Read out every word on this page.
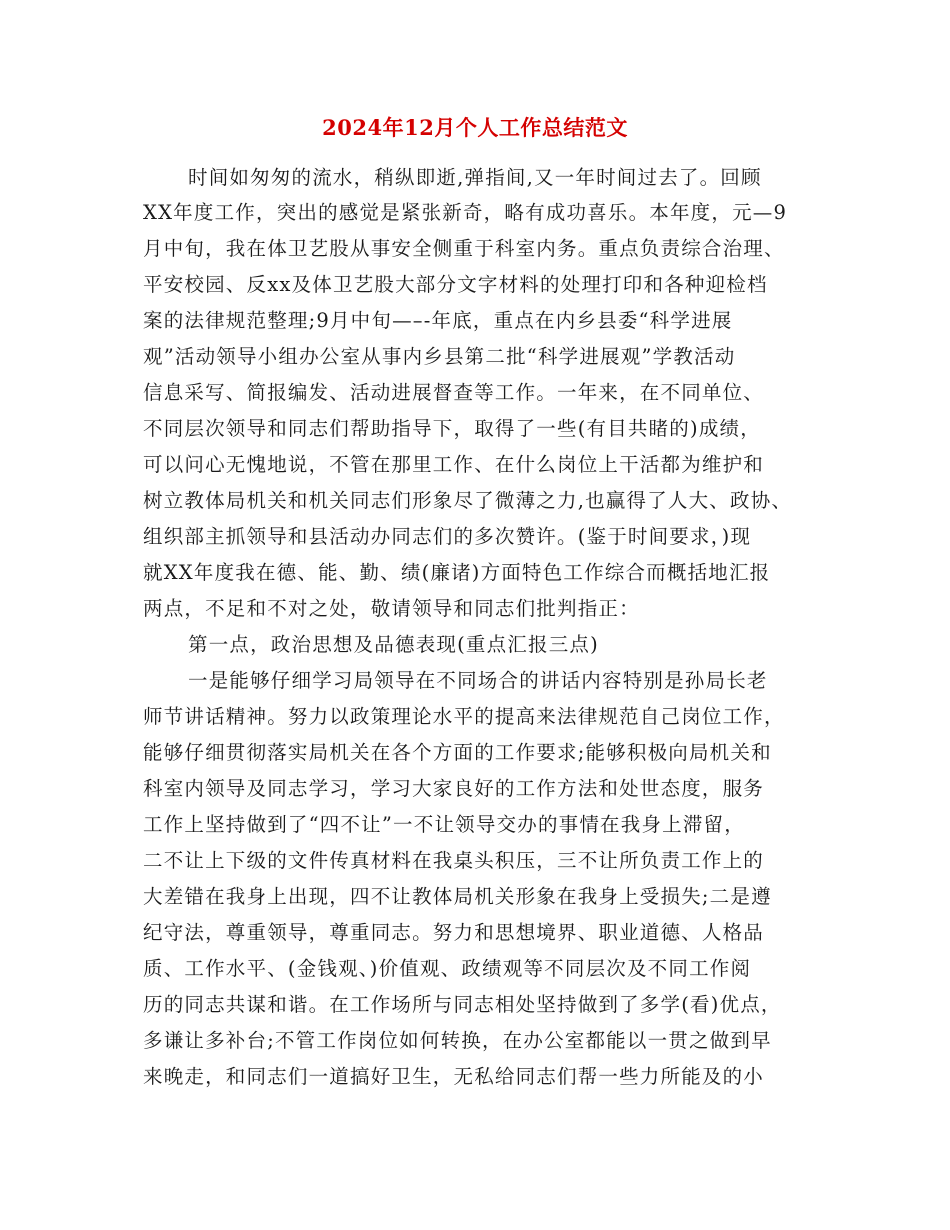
2024年12月个人工作总结范文
时间如匆匆的流水，稍纵即逝,弹指间,又一年时间过去了。回顾
XX年度工作，突出的感觉是紧张新奇，略有成功喜乐。本年度，元—9
月中旬，我在体卫艺股从事安全侧重于科室内务。重点负责综合治理、
平安校园、反xx及体卫艺股大部分文字材料的处理打印和各种迎检档
案的法律规范整理;9月中旬—–-年底，重点在内乡县委“科学进展
观”活动领导小组办公室从事内乡县第二批“科学进展观”学教活动
信息采写、简报编发、活动进展督查等工作。一年来，在不同单位、
不同层次领导和同志们帮助指导下，取得了一些(有目共睹的)成绩，
可以问心无愧地说，不管在那里工作、在什么岗位上干活都为维护和
树立教体局机关和机关同志们形象尽了微薄之力,也赢得了人大、政协、
组织部主抓领导和县活动办同志们的多次赞许。(鉴于时间要求，)现
就XX年度我在德、能、勤、绩(廉诸)方面特色工作综合而概括地汇报
两点，不足和不对之处，敬请领导和同志们批判指正：
第一点，政治思想及品德表现(重点汇报三点)
一是能够仔细学习局领导在不同场合的讲话内容特别是孙局长老
师节讲话精神。努力以政策理论水平的提高来法律规范自己岗位工作，
能够仔细贯彻落实局机关在各个方面的工作要求;能够积极向局机关和
科室内领导及同志学习，学习大家良好的工作方法和处世态度，服务
工作上坚持做到了“四不让”一不让领导交办的事情在我身上滞留，
二不让上下级的文件传真材料在我桌头积压，三不让所负责工作上的
大差错在我身上出现，四不让教体局机关形象在我身上受损失;二是遵
纪守法，尊重领导，尊重同志。努力和思想境界、职业道德、人格品
质、工作水平、(金钱观、)价值观、政绩观等不同层次及不同工作阅
历的同志共谋和谐。在工作场所与同志相处坚持做到了多学(看)优点，
多谦让多补台;不管工作岗位如何转换，在办公室都能以一贯之做到早
来晚走，和同志们一道搞好卫生，无私给同志们帮一些力所能及的小
